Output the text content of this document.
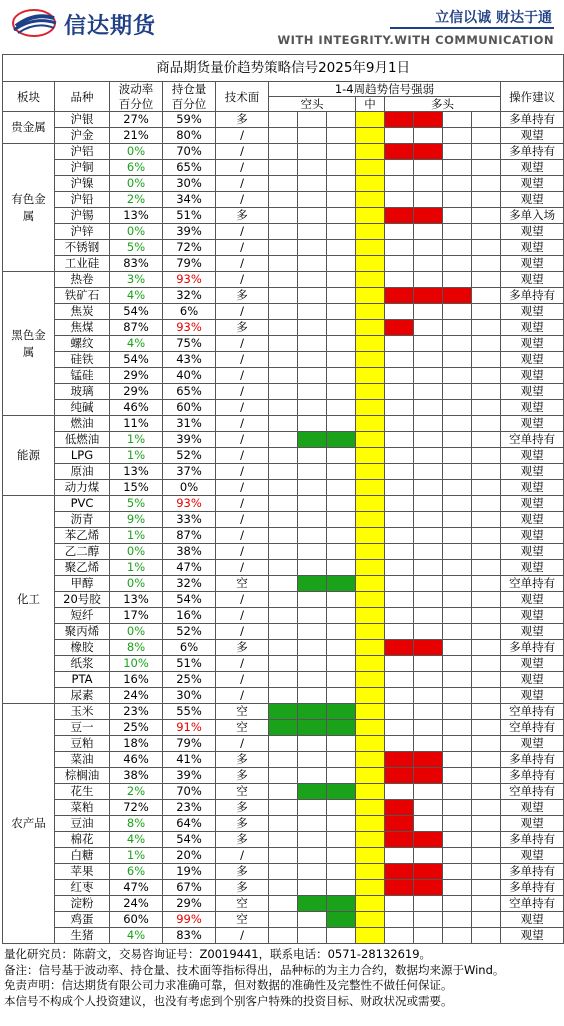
信达期货	立信以诚 财达于通
WITH INTEGRITY.WITH COMMUNICATION
商品期货量价趋势策略信号2025年9月1日													
板块	品种	波动率	持仓量	技术面	1-4周趋势信号强弱								操作建议
		百分位	百分位		空头			中	多头				
贵金属	沪银	27%	59%	多									多单持有
	沪金	21%	80%	/									观望
有色金属	沪铝	0%	70%	/									多单持有
	沪铜	6%	65%	/									观望
	沪镍	0%	30%	/									观望
	沪铅	2%	34%	/									观望
	沪锡	13%	51%	多									多单入场
	沪锌	0%	39%	/									观望
	不锈钢	5%	72%	/									观望
	工业硅	83%	79%	/									观望
黑色金属	热卷	3%	93%	/									观望
	铁矿石	4%	32%	多									多单持有
	焦炭	54%	6%	/									观望
	焦煤	87%	93%	多									观望
	螺纹	4%	75%	/									观望
	硅铁	54%	43%	/									观望
	锰硅	29%	40%	/									观望
	玻璃	29%	65%	/									观望
	纯碱	46%	60%	/									观望
能源	燃油	11%	31%	/									观望
	低燃油	1%	39%	/									空单持有
	LPG	1%	52%	/									观望
	原油	13%	37%	/									观望
	动力煤	15%	0%	/									观望
化工	PVC	5%	93%	/									观望
	沥青	9%	33%	/									观望
	苯乙烯	1%	87%	/									观望
	乙二醇	0%	38%	/									观望
	聚乙烯	1%	47%	/									观望
	甲醇	0%	32%	空									空单持有
	20号胶	13%	54%	/									观望
	短纤	17%	16%	/									观望
	聚丙烯	0%	52%	/									观望
	橡胶	8%	6%	多									多单持有
	纸浆	10%	51%	/									观望
	PTA	16%	25%	/									观望
	尿素	24%	30%	/									观望
农产品	玉米	23%	55%	空									空单持有
	豆一	25%	91%	空									空单持有
	豆粕	18%	79%	/									观望
	菜油	46%	41%	多									多单持有
	棕榈油	38%	39%	多									多单持有
	花生	2%	70%	空									空单持有
	菜粕	72%	23%	多									观望
	豆油	8%	64%	多									观望
	棉花	4%	54%	多									多单持有
	白糖	1%	20%	/									观望
	苹果	6%	19%	多									多单持有
	红枣	47%	67%	多									多单持有
	淀粉	24%	29%	空									空单持有
	鸡蛋	60%	99%	空									观望
	生猪	4%	83%	/									观望

量化研究员：陈蔚文，交易咨询证号：Z0019441，联系电话：0571-28132619。

备注：信号基于波动率、持仓量、技术面等指标得出，品种标的为主力合约，数据均来源于Wind。

免责声明：信达期货有限公司力求准确可靠，但对数据的准确性及完整性不做任何保证。

本信号不构成个人投资建议，也没有考虑到个别客户特殊的投资目标、财政状况或需要。
